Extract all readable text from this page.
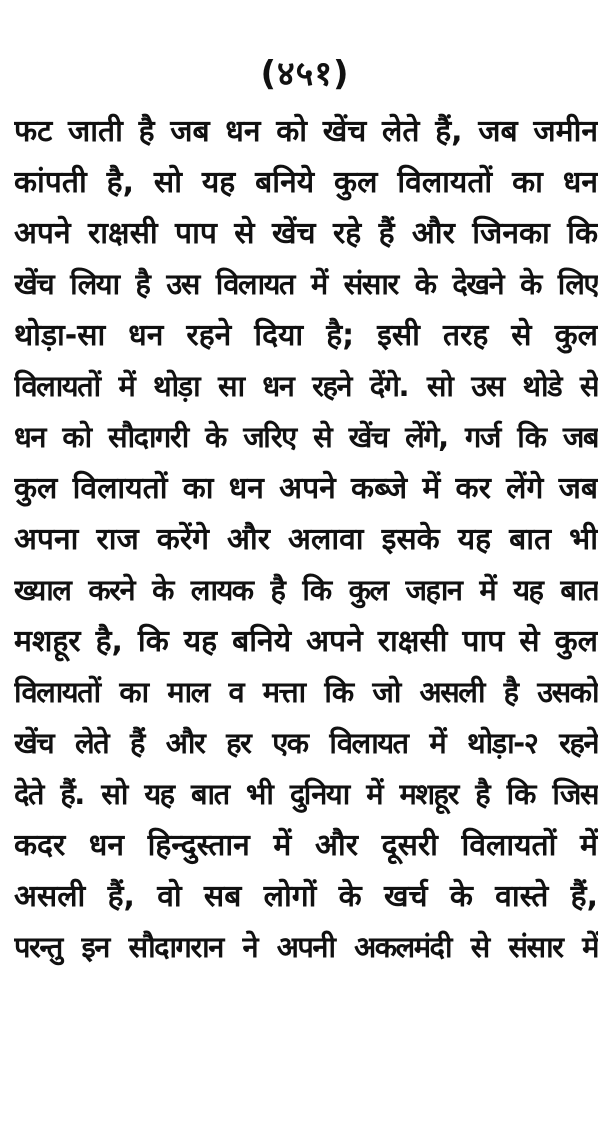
(४५१)
फट जाती है जब धन को खेंच लेते हैं, जब जमीन
कांपती है, सो यह बनिये कुल विलायतों का धन
अपने राक्षसी पाप से खेंच रहे हैं और जिनका कि
खेंच लिया है उस विलायत में संसार के देखने के लिए
थोड़ा-सा धन रहने दिया है; इसी तरह से कुल
विलायतों में थोड़ा सा धन रहने देंगे. सो उस थोडे से
धन को सौदागरी के जरिए से खेंच लेंगे, गर्ज कि जब
कुल विलायतों का धन अपने कब्जे में कर लेंगे जब
अपना राज करेंगे और अलावा इसके यह बात भी
ख्याल करने के लायक है कि कुल जहान में यह बात
मशहूर है, कि यह बनिये अपने राक्षसी पाप से कुल
विलायतों का माल व मत्ता कि जो असली है उसको
खेंच लेते हैं और हर एक विलायत में थोड़ा-२ रहने
देते हैं. सो यह बात भी दुनिया में मशहूर है कि जिस
कदर धन हिन्दुस्तान में और दूसरी विलायतों में
असली हैं, वो सब लोगों के खर्च के वास्ते हैं,
परन्तु इन सौदागरान ने अपनी अकलमंदी से संसार में
